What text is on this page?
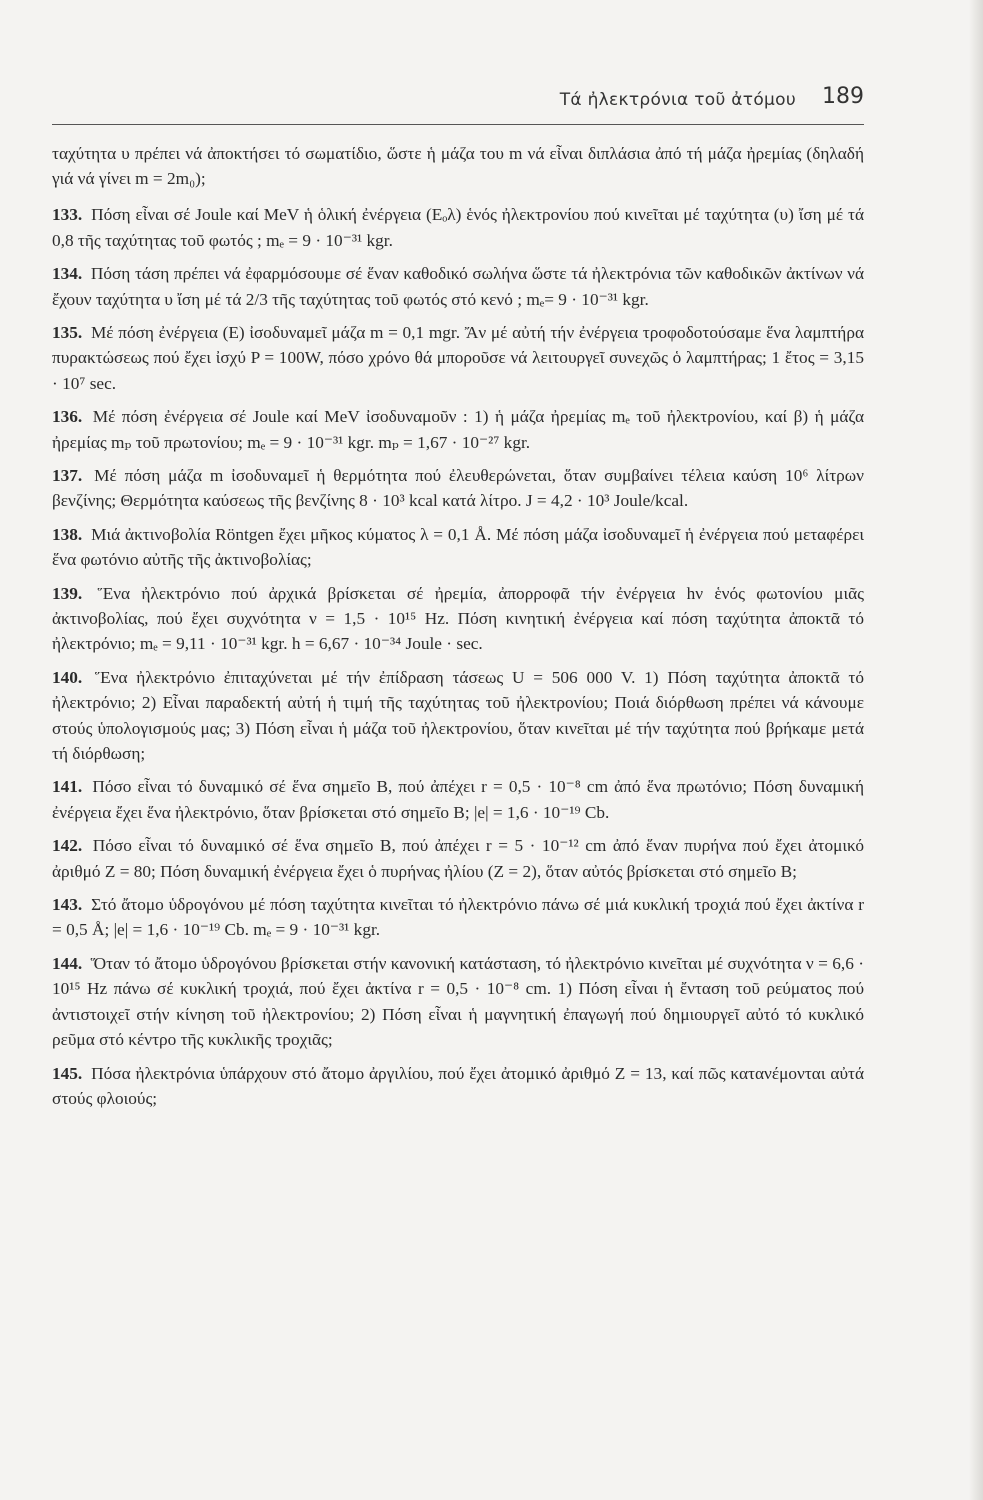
Τά ἠλεκτρόνια τοῦ ἀτόμου 189

ταχύτητα υ πρέπει νά ἀποκτήσει τό σωματίδιο, ὥστε ἡ μάζα του m νά εἶναι διπλάσια ἀπό τή μάζα ἠρεμίας (δηλαδή γιά νά γίνει m = 2m₀);

133. Πόση εἶναι σέ Joule καί MeV ἡ ὁλική ἐνέργεια (Eₒλ) ἑνός ἠλεκτρονίου πού κινεῖται μέ ταχύτητα (υ) ἴση μέ τά 0,8 τῆς ταχύτητας τοῦ φωτός ; mₑ = 9 · 10⁻³¹ kgr.

134. Πόση τάση πρέπει νά ἐφαρμόσουμε σέ ἕναν καθοδικό σωλήνα ὥστε τά ἠλεκτρόνια τῶν καθοδικῶν ἀκτίνων νά ἔχουν ταχύτητα υ ἴση μέ τά 2/3 τῆς ταχύτητας τοῦ φωτός στό κενό ; mₑ= 9 · 10⁻³¹ kgr.

135. Μέ πόση ἐνέργεια (E) ἰσοδυναμεῖ μάζα m = 0,1 mgr. Ἄν μέ αὐτή τήν ἐνέργεια τροφοδοτούσαμε ἕνα λαμπτήρα πυρακτώσεως πού ἔχει ἰσχύ P = 100W, πόσο χρόνο θά μποροῦσε νά λειτουργεῖ συνεχῶς ὁ λαμπτήρας; 1 ἔτος = 3,15 · 10⁷ sec.

136. Μέ πόση ἐνέργεια σέ Joule καί MeV ἰσοδυναμοῦν : 1) ἡ μάζα ἠρεμίας mₑ τοῦ ἠλεκτρονίου, καί β) ἡ μάζα ἠρεμίας mₚ τοῦ πρωτονίου; mₑ = 9 · 10⁻³¹ kgr. mₚ = 1,67 · 10⁻²⁷ kgr.

137. Μέ πόση μάζα m ἰσοδυναμεῖ ἡ θερμότητα πού ἐλευθερώνεται, ὅταν συμβαίνει τέλεια καύση 10⁶ λίτρων βενζίνης; Θερμότητα καύσεως τῆς βενζίνης 8 · 10³ kcal κατά λίτρο. J = 4,2 · 10³ Joule/kcal.

138. Μιά ἀκτινοβολία Röntgen ἔχει μῆκος κύματος λ = 0,1 Å. Μέ πόση μάζα ἰσοδυναμεῖ ἡ ἐνέργεια πού μεταφέρει ἕνα φωτόνιο αὐτῆς τῆς ἀκτινοβολίας;

139. Ἕνα ἠλεκτρόνιο πού ἀρχικά βρίσκεται σέ ἠρεμία, ἀπορροφᾶ τήν ἐνέργεια hν ἑνός φωτονίου μιᾶς ἀκτινοβολίας, πού ἔχει συχνότητα ν = 1,5 · 10¹⁵ Hz. Πόση κινητική ἐνέργεια καί πόση ταχύτητα ἀποκτᾶ τό ἠλεκτρόνιο; mₑ = 9,11 · 10⁻³¹ kgr. h = 6,67 · 10⁻³⁴ Joule · sec.

140. Ἕνα ἠλεκτρόνιο ἐπιταχύνεται μέ τήν ἐπίδραση τάσεως U = 506 000 V. 1) Πόση ταχύτητα ἀποκτᾶ τό ἠλεκτρόνιο; 2) Εἶναι παραδεκτή αὐτή ἡ τιμή τῆς ταχύτητας τοῦ ἠλεκτρονίου; Ποιά διόρθωση πρέπει νά κάνουμε στούς ὑπολογισμούς μας; 3) Πόση εἶναι ἡ μάζα τοῦ ἠλεκτρονίου, ὅταν κινεῖται μέ τήν ταχύτητα πού βρήκαμε μετά τή διόρθωση;

141. Πόσο εἶναι τό δυναμικό σέ ἕνα σημεῖο B, πού ἀπέχει r = 0,5 · 10⁻⁸ cm ἀπό ἕνα πρωτόνιο; Πόση δυναμική ἐνέργεια ἔχει ἕνα ἠλεκτρόνιο, ὅταν βρίσκεται στό σημεῖο B; |e| = 1,6 · 10⁻¹⁹ Cb.

142. Πόσο εἶναι τό δυναμικό σέ ἕνα σημεῖο B, πού ἀπέχει r = 5 · 10⁻¹² cm ἀπό ἕναν πυρήνα πού ἔχει ἀτομικό ἀριθμό Z = 80; Πόση δυναμική ἐνέργεια ἔχει ὁ πυρήνας ἠλίου (Z = 2), ὅταν αὐτός βρίσκεται στό σημεῖο B;

143. Στό ἄτομο ὑδρογόνου μέ πόση ταχύτητα κινεῖται τό ἠλεκτρόνιο πάνω σέ μιά κυκλική τροχιά πού ἔχει ἀκτίνα r = 0,5 Å; |e| = 1,6 · 10⁻¹⁹ Cb. mₑ = 9 · 10⁻³¹ kgr.

144. Ὅταν τό ἄτομο ὑδρογόνου βρίσκεται στήν κανονική κατάσταση, τό ἠλεκτρόνιο κινεῖται μέ συχνότητα ν = 6,6 · 10¹⁵ Hz πάνω σέ κυκλική τροχιά, πού ἔχει ἀκτίνα r = 0,5 · 10⁻⁸ cm. 1) Πόση εἶναι ἡ ἔνταση τοῦ ρεύματος πού ἀντιστοιχεῖ στήν κίνηση τοῦ ἠλεκτρονίου; 2) Πόση εἶναι ἡ μαγνητική ἐπαγωγή πού δημιουργεῖ αὐτό τό κυκλικό ρεῦμα στό κέντρο τῆς κυκλικῆς τροχιᾶς;

145. Πόσα ἠλεκτρόνια ὑπάρχουν στό ἄτομο ἀργιλίου, πού ἔχει ἀτομικό ἀριθμό Z = 13, καί πῶς κατανέμονται αὐτά στούς φλοιούς;
